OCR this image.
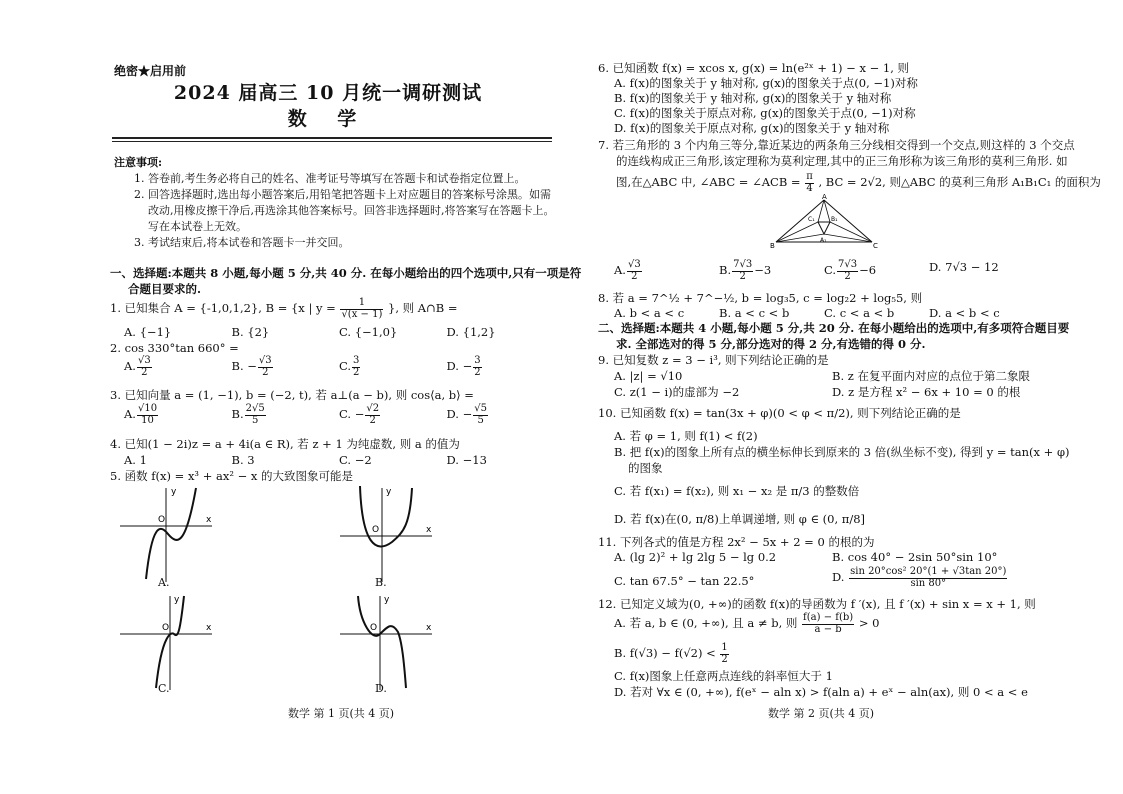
绝密★启用前
2024 届高三 10 月统一调研测试
数 学
注意事项:
1. 答卷前,考生务必将自己的姓名、准考证号等填写在答题卡和试卷指定位置上。
2. 回答选择题时,选出每小题答案后,用铅笔把答题卡上对应题目的答案标号涂黑。如需
改动,用橡皮擦干净后,再选涂其他答案标号。回答非选择题时,将答案写在答题卡上。
写在本试卷上无效。
3. 考试结束后,将本试卷和答题卡一并交回。
一、选择题:本题共 8 小题,每小题 5 分,共 40 分. 在每小题给出的四个选项中,只有一项是符
合题目要求的.
1. 已知集合 A = {-1,0,1,2}, B = {x | $y = \frac{1}{√(x - 1)}$ }, 则 A∩B =
A. {−1}	B. {2}	C. {−1,0}	D. {1,2}
2. cos 330°tan 660° =
A. $\frac{√3}{2}$	B. − $\frac{√3}{2}$	C. $\frac{3}{2}$	D. − $\frac{3}{2}$
3. 已知向量 a = (1, −1), b = (−2, t), 若 a⊥(a − b), 则 cos⟨a, b⟩ =
A. $\frac{√10}{10}$	B. $\frac{2√5}{5}$	C. − $\frac{√2}{2}$	D. − $\frac{√5}{5}$
4. 已知(1 − 2i)z = a + 4i(a ∈ R), 若 z + 1 为纯虚数, 则 a 的值为
A. 1	B. 3	C. −2	D. −13
5. 函数 f(x) = x³ + ax² − x 的大致图象可能是
O
y
x
A.
O
y
x
B.
O
y
x
C.
O
y
x
D.
数学 第 1 页(共 4 页)
6. 已知函数 f(x) = xcos x, g(x) = ln(e²ˣ + 1) − x − 1, 则
A. f(x)的图象关于 y 轴对称, g(x)的图象关于点(0, −1)对称
B. f(x)的图象关于 y 轴对称, g(x)的图象关于 y 轴对称
C. f(x)的图象关于原点对称, g(x)的图象关于点(0, −1)对称
D. f(x)的图象关于原点对称, g(x)的图象关于 y 轴对称
7. 若三角形的 3 个内角三等分,靠近某边的两条角三分线相交得到一个交点,则这样的 3 个交点
的连线构成正三角形,该定理称为莫利定理,其中的正三角形称为该三角形的莫利三角形. 如
图,在△ABC 中, ∠ABC = ∠ACB = $\frac{\pi}{4}$ , BC = 2√2, 则△ABC 的莫利三角形 A₁B₁C₁ 的面积为
A
B	C
A₁
B₁
C₁
A. $\frac{√3}{2}$	B. $\frac{7√3}{2} -3$	C. $\frac{7√3}{2} -6$	D. 7√3 − 12
8. 若 a = 7^½ + 7^−½, b = log₃5, c = log₂2 + log₅5, 则
A. b < a < c	B. a < c < b	C. c < a < b	D. a < b < c
二、选择题:本题共 4 小题,每小题 5 分,共 20 分. 在每小题给出的选项中,有多项符合题目要
求. 全部选对的得 5 分,部分选对的得 2 分,有选错的得 0 分.
9. 已知复数 z = 3 − i³, 则下列结论正确的是
A. |z| = √10	B. z 在复平面内对应的点位于第二象限
C. z(1 − i)的虚部为 −2	D. z 是方程 x² − 6x + 10 = 0 的根
10. 已知函数 f(x) = tan(3x + φ)(0 < φ < π/2), 则下列结论正确的是
A. 若 φ = 1, 则 f(1) < f(2)
B. 把 f(x)的图象上所有点的横坐标伸长到原来的 3 倍(纵坐标不变), 得到 y = tan(x + φ)
的图象
C. 若 f(x₁) = f(x₂), 则 x₁ − x₂ 是 π/3 的整数倍
D. 若 f(x)在(0, π/8)上单调递增, 则 φ ∈ (0, π/8]
11. 下列各式的值是方程 2x² − 5x + 2 = 0 的根的为
A. (lg 2)² + lg 2lg 5 − lg 0.2	B. cos 40° − 2sin 50°sin 10°
C. tan 67.5° − tan 22.5°	D. $\frac{\text{sin 20°cos² 20°(1 + √3tan 20°)}}{\sin 80^\circ}$
12. 已知定义域为(0, +∞)的函数 f(x)的导函数为 f ′(x), 且 f ′(x) + sin x = x + 1, 则
A. 若 a, b ∈ (0, +∞), 且 a ≠ b, 则 $\frac{f(a) - f(b)}{a - b} > 0$
B. $f(√3) - f(√2) < \frac{1}{2}$
C. f(x)图象上任意两点连线的斜率恒大于 1
D. 若对 ∀x ∈ (0, +∞), f(eˣ − aln x) > f(aln a) + eˣ − aln(ax), 则 0 < a < e
数学 第 2 页(共 4 页)
